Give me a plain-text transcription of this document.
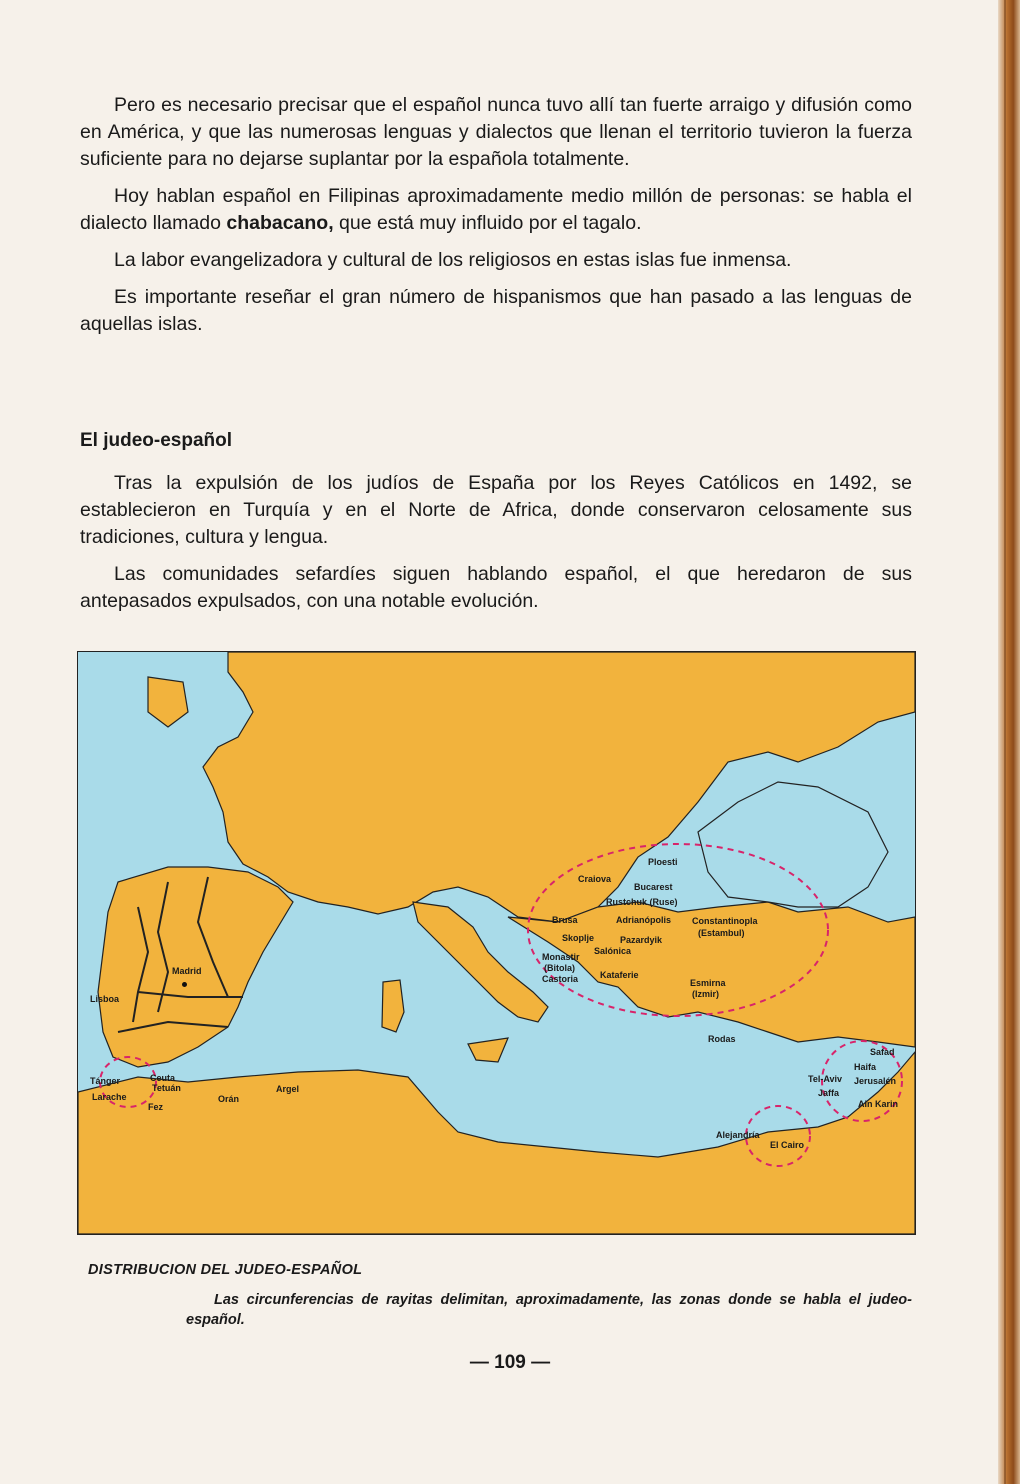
Pero es necesario precisar que el español nunca tuvo allí tan fuerte arraigo y difusión como en América, y que las numerosas lenguas y dialectos que llenan el territorio tuvieron la fuerza suficiente para no dejarse suplantar por la española totalmente.

Hoy hablan español en Filipinas aproximadamente medio millón de personas: se habla el dialecto llamado chabacano, que está muy influido por el tagalo.

La labor evangelizadora y cultural de los religiosos en estas islas fue inmensa.

Es importante reseñar el gran número de hispanismos que han pasado a las lenguas de aquellas islas.

El judeo-español

Tras la expulsión de los judíos de España por los Reyes Católicos en 1492, se establecieron en Turquía y en el Norte de Africa, donde conservaron celosamente sus tradiciones, cultura y lengua.

Las comunidades sefardíes siguen hablando español, el que heredaron de sus antepasados expulsados, con una notable evolución.

Madrid
Lisboa
Tánger	Ceuta
Tetuán
Larache
Fez
Orán
Argel
Ploesti
Craiova
Bucarest
Rustchuk (Ruse)
Brusa	Adrianópolis Constantinopla
(Estambul)
Skoplje	Pazardyik
Salónica
Monastir
(Bitola)
Castoria Kataferie
Esmirna
(Izmir)
Rodas
Safad
Haifa
Tel-Aviv Jerusalén
Jaffa
Ain Karin
Alejandría
El Cairo
DISTRIBUCION DEL JUDEO-ESPAÑOL
Las circunferencias de rayitas delimitan, aproximadamente, las zonas donde se habla el judeo-español.
— 109 —
